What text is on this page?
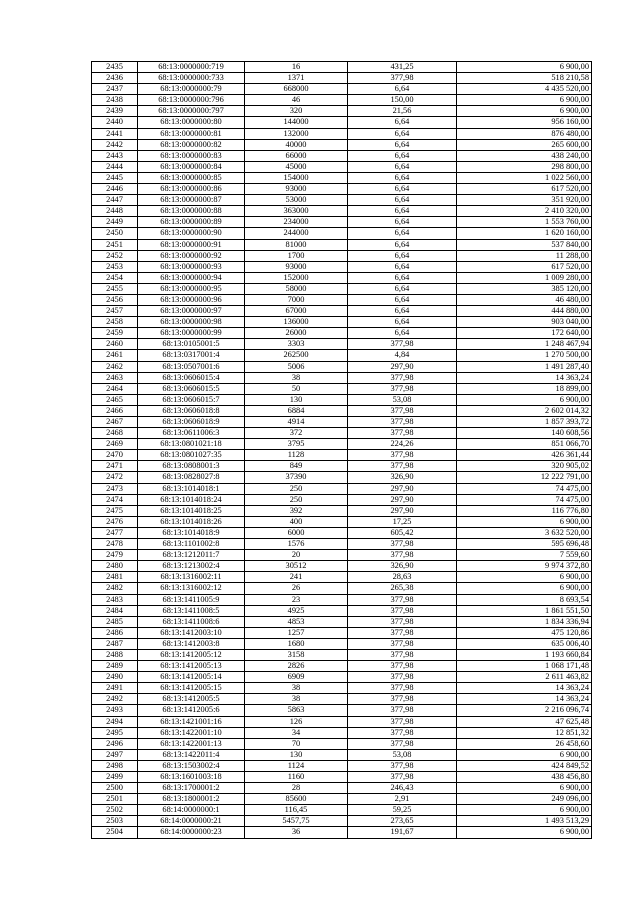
2435	68:13:0000000:719	16	431,25	6 900,00
2436	68:13:0000000:733	1371	377,98	518 210,58
2437	68:13:0000000:79	668000	6,64	4 435 520,00
2438	68:13:0000000:796	46	150,00	6 900,00
2439	68:13:0000000:797	320	21,56	6 900,00
2440	68:13:0000000:80	144000	6,64	956 160,00
2441	68:13:0000000:81	132000	6,64	876 480,00
2442	68:13:0000000:82	40000	6,64	265 600,00
2443	68:13:0000000:83	66000	6,64	438 240,00
2444	68:13:0000000:84	45000	6,64	298 800,00
2445	68:13:0000000:85	154000	6,64	1 022 560,00
2446	68:13:0000000:86	93000	6,64	617 520,00
2447	68:13:0000000:87	53000	6,64	351 920,00
2448	68:13:0000000:88	363000	6,64	2 410 320,00
2449	68:13:0000000:89	234000	6,64	1 553 760,00
2450	68:13:0000000:90	244000	6,64	1 620 160,00
2451	68:13:0000000:91	81000	6,64	537 840,00
2452	68:13:0000000:92	1700	6,64	11 288,00
2453	68:13:0000000:93	93000	6,64	617 520,00
2454	68:13:0000000:94	152000	6,64	1 009 280,00
2455	68:13:0000000:95	58000	6,64	385 120,00
2456	68:13:0000000:96	7000	6,64	46 480,00
2457	68:13:0000000:97	67000	6,64	444 880,00
2458	68:13:0000000:98	136000	6,64	903 040,00
2459	68:13:0000000:99	26000	6,64	172 640,00
2460	68:13:0105001:5	3303	377,98	1 248 467,94
2461	68:13:0317001:4	262500	4,84	1 270 500,00
2462	68:13:0507001:6	5006	297,90	1 491 287,40
2463	68:13:0606015:4	38	377,98	14 363,24
2464	68:13:0606015:5	50	377,98	18 899,00
2465	68:13:0606015:7	130	53,08	6 900,00
2466	68:13:0606018:8	6884	377,98	2 602 014,32
2467	68:13:0606018:9	4914	377,98	1 857 393,72
2468	68:13:0611006:3	372	377,98	140 608,56
2469	68:13:0801021:18	3795	224,26	851 066,70
2470	68:13:0801027:35	1128	377,98	426 361,44
2471	68:13:0808001:3	849	377,98	320 905,02
2472	68:13:0828027:8	37390	326,90	12 222 791,00
2473	68:13:1014018:1	250	297,90	74 475,00
2474	68:13:1014018:24	250	297,90	74 475,00
2475	68:13:1014018:25	392	297,90	116 776,80
2476	68:13:1014018:26	400	17,25	6 900,00
2477	68:13:1014018:9	6000	605,42	3 632 520,00
2478	68:13:1101002:8	1576	377,98	595 696,48
2479	68:13:1212011:7	20	377,98	7 559,60
2480	68:13:1213002:4	30512	326,90	9 974 372,80
2481	68:13:1316002:11	241	28,63	6 900,00
2482	68:13:1316002:12	26	265,38	6 900,00
2483	68:13:1411005:9	23	377,98	8 693,54
2484	68:13:1411008:5	4925	377,98	1 861 551,50
2485	68:13:1411008:6	4853	377,98	1 834 336,94
2486	68:13:1412003:10	1257	377,98	475 120,86
2487	68:13:1412003:8	1680	377,98	635 006,40
2488	68:13:1412005:12	3158	377,98	1 193 660,84
2489	68:13:1412005:13	2826	377,98	1 068 171,48
2490	68:13:1412005:14	6909	377,98	2 611 463,82
2491	68:13:1412005:15	38	377,98	14 363,24
2492	68:13:1412005:5	38	377,98	14 363,24
2493	68:13:1412005:6	5863	377,98	2 216 096,74
2494	68:13:1421001:16	126	377,98	47 625,48
2495	68:13:1422001:10	34	377,98	12 851,32
2496	68:13:1422001:13	70	377,98	26 458,60
2497	68:13:1422011:4	130	53,08	6 900,00
2498	68:13:1503002:4	1124	377,98	424 849,52
2499	68:13:1601003:18	1160	377,98	438 456,80
2500	68:13:1700001:2	28	246,43	6 900,00
2501	68:13:1800001:2	85600	2,91	249 096,00
2502	68:14:0000000:1	116,45	59,25	6 900,00
2503	68:14:0000000:21	5457,75	273,65	1 493 513,29
2504	68:14:0000000:23	36	191,67	6 900,00
